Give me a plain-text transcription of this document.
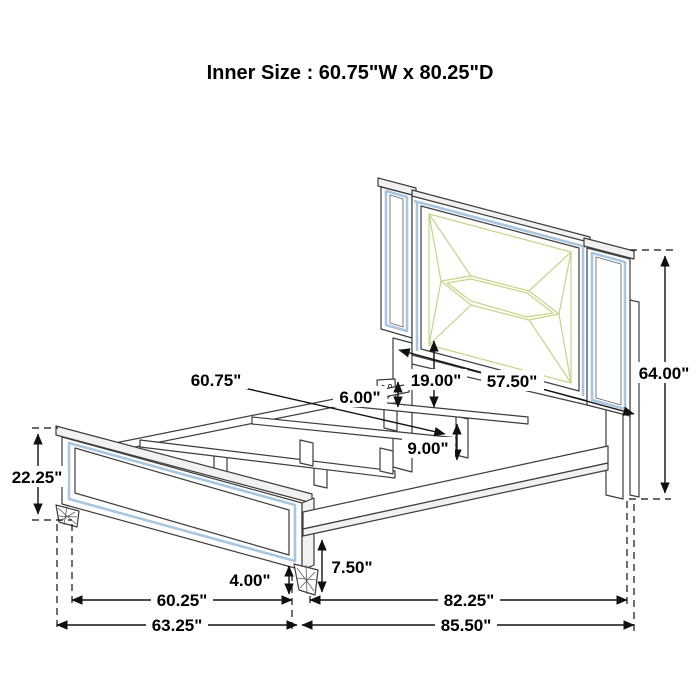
Inner Size : 60.75"W x 80.25"D
60.75"
6.00"
19.00" 57.50"	64.00"
9.00"
22.25"
4.00"
7.50"
60.25"	82.25"
63.25"	85.50"
